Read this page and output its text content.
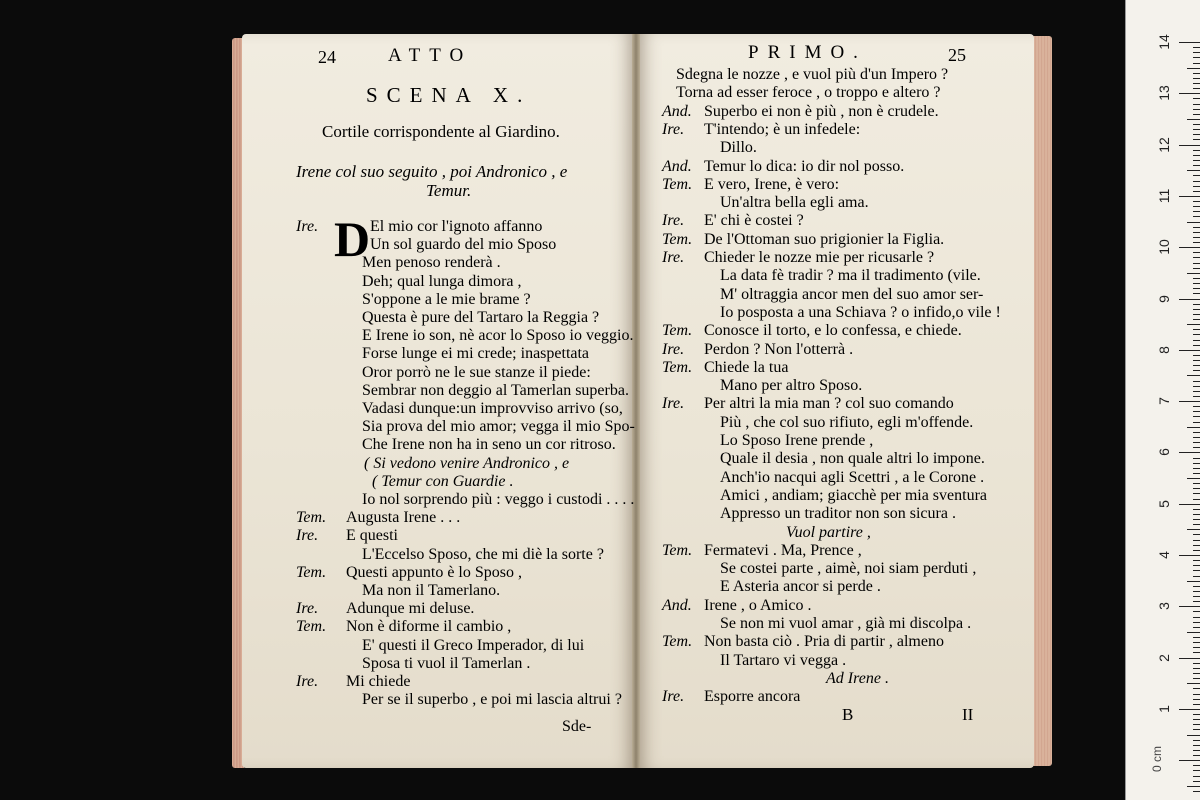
24	ATTO
SCENA X.
Cortile corrispondente al Giardino.
Irene col suo seguito , poi Andronico , e
Temur.
D
Sde-
Ire.	El mio cor l'ignoto affanno
Un sol guardo del mio Sposo
Men penoso renderà .
Deh; qual lunga dimora ,
S'oppone a le mie brame ?
Questa è pure del Tartaro la Reggia ?
E Irene io son, nè acor lo Sposo io veggio.
Forse lunge ei mi crede; inaspettata
Oror porrò ne le sue stanze il piede:
Sembrar non deggio al Tamerlan superba.
Vadasi dunque:un improvviso arrivo (so,
Sia prova del mio amor; vegga il mio Spo-
Che Irene non ha in seno un cor ritroso.
( Si vedono venire Andronico , e
( Temur con Guardie .
Io nol sorprendo più : veggo i custodi . . . .
Tem. Augusta Irene . . .
Ire. E questi
L'Eccelso Sposo, che mi diè la sorte ?
Tem. Questi appunto è lo Sposo ,
Ma non il Tamerlano.
Ire. Adunque mi deluse.
Tem. Non è diforme il cambio ,
E' questi il Greco Imperador, di lui
Sposa ti vuol il Tamerlan .
Ire. Mi chiede
Per se il superbo , e poi mi lascia altrui ?
PRIMO.	25
B	II
Sdegna le nozze , e vuol più d'un Impero ?
Torna ad esser feroce , o troppo e altero ?
And. Superbo ei non è più , non è crudele.
Ire. T'intendo; è un infedele:
Dillo.
And. Temur lo dica: io dir nol posso.
Tem. E vero, Irene, è vero:
Un'altra bella egli ama.
Ire. E' chi è costei ?
Tem. De l'Ottoman suo prigionier la Figlia.
Ire. Chieder le nozze mie per ricusarle ?
La data fè tradir ? ma il tradimento (vile.
M' oltraggia ancor men del suo amor ser-
Io posposta a una Schiava ? o infido,o vile !
Tem. Conosce il torto, e lo confessa, e chiede.
Ire. Perdon ? Non l'otterrà .
Tem. Chiede la tua
Mano per altro Sposo.
Ire. Per altri la mia man ? col suo comando
Più , che col suo rifiuto, egli m'offende.
Lo Sposo Irene prende ,
Quale il desia , non quale altri lo impone.
Anch'io nacqui agli Scettri , a le Corone .
Amici , andiam; giacchè per mia sventura
Appresso un traditor non son sicura .
Vuol partire ,
Tem. Fermatevi . Ma, Prence ,
Se costei parte , aimè, noi siam perduti ,
E Asteria ancor si perde .
And. Irene , o Amico .
Se non mi vuol amar , già mi discolpa .
Tem. Non basta ciò . Pria di partir , almeno
Il Tartaro vi vegga .
Ad Irene .
Ire. Esporre ancora
0 cm
14
13
12
11
10
9
8
7
6
5
4
3
2
1
